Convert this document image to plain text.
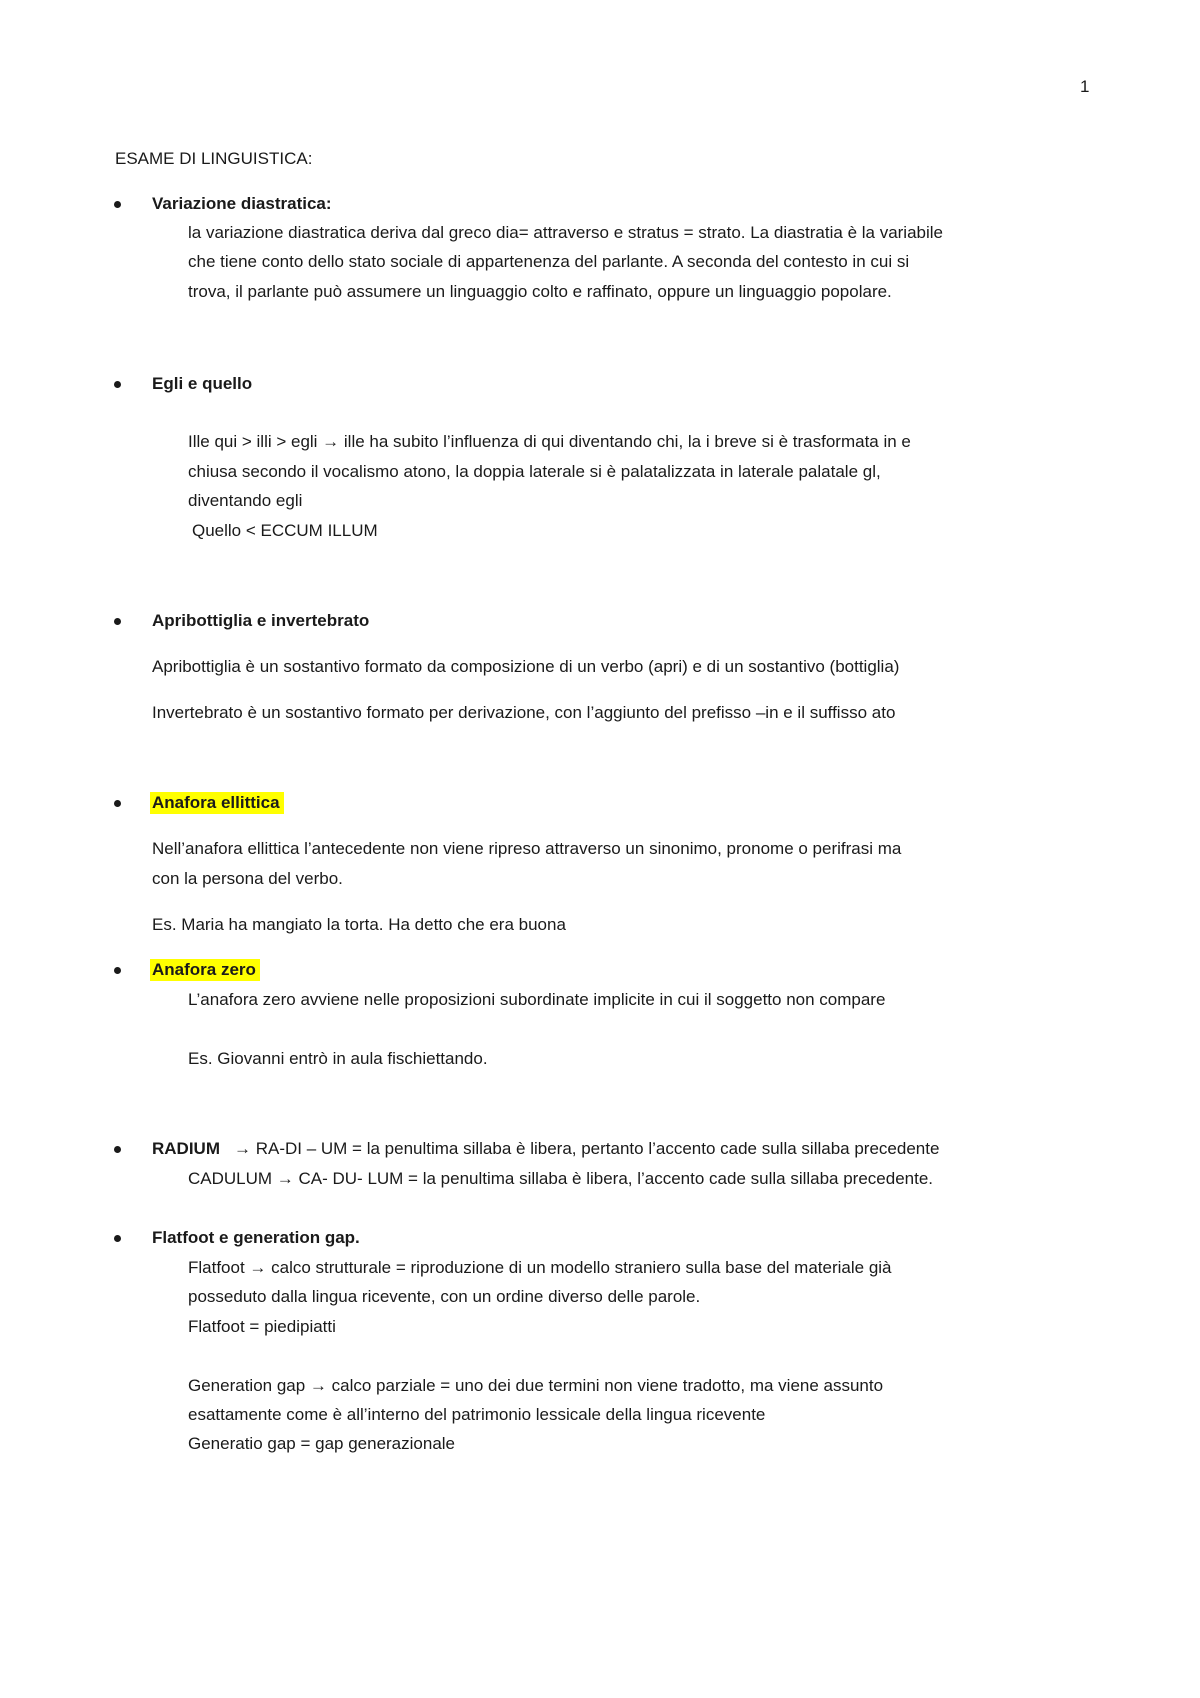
1
ESAME DI LINGUISTICA:
Variazione diastratica:
la variazione diastratica deriva dal greco dia= attraverso e stratus = strato. La diastratia è la variabile
che tiene conto dello stato sociale di appartenenza del parlante. A seconda del contesto in cui si
trova, il parlante può assumere un linguaggio colto e raffinato, oppure un linguaggio popolare.
Egli e quello
Ille qui > illi > egli → ille ha subito l’influenza di qui diventando chi, la i breve si è trasformata in e
chiusa secondo il vocalismo atono, la doppia laterale si è palatalizzata in laterale palatale gl,
diventando egli
Quello < ECCUM ILLUM
Apribottiglia e invertebrato
Apribottiglia è un sostantivo formato da composizione di un verbo (apri) e di un sostantivo (bottiglia)
Invertebrato è un sostantivo formato per derivazione, con l’aggiunto del prefisso –in e il suffisso ato
Anafora ellittica
Nell’anafora ellittica l’antecedente non viene ripreso attraverso un sinonimo, pronome o perifrasi ma
con la persona del verbo.
Es. Maria ha mangiato la torta. Ha detto che era buona
Anafora zero
L’anafora zero avviene nelle proposizioni subordinate implicite in cui il soggetto non compare
Es. Giovanni entrò in aula fischiettando.
RADIUM → RA-DI – UM = la penultima sillaba è libera, pertanto l’accento cade sulla sillaba precedente
CADULUM → CA- DU- LUM = la penultima sillaba è libera, l’accento cade sulla sillaba precedente.
Flatfoot e generation gap.
Flatfoot → calco strutturale = riproduzione di un modello straniero sulla base del materiale già
posseduto dalla lingua ricevente, con un ordine diverso delle parole.
Flatfoot = piedipiatti
Generation gap → calco parziale = uno dei due termini non viene tradotto, ma viene assunto
esattamente come è all’interno del patrimonio lessicale della lingua ricevente
Generatio gap = gap generazionale
